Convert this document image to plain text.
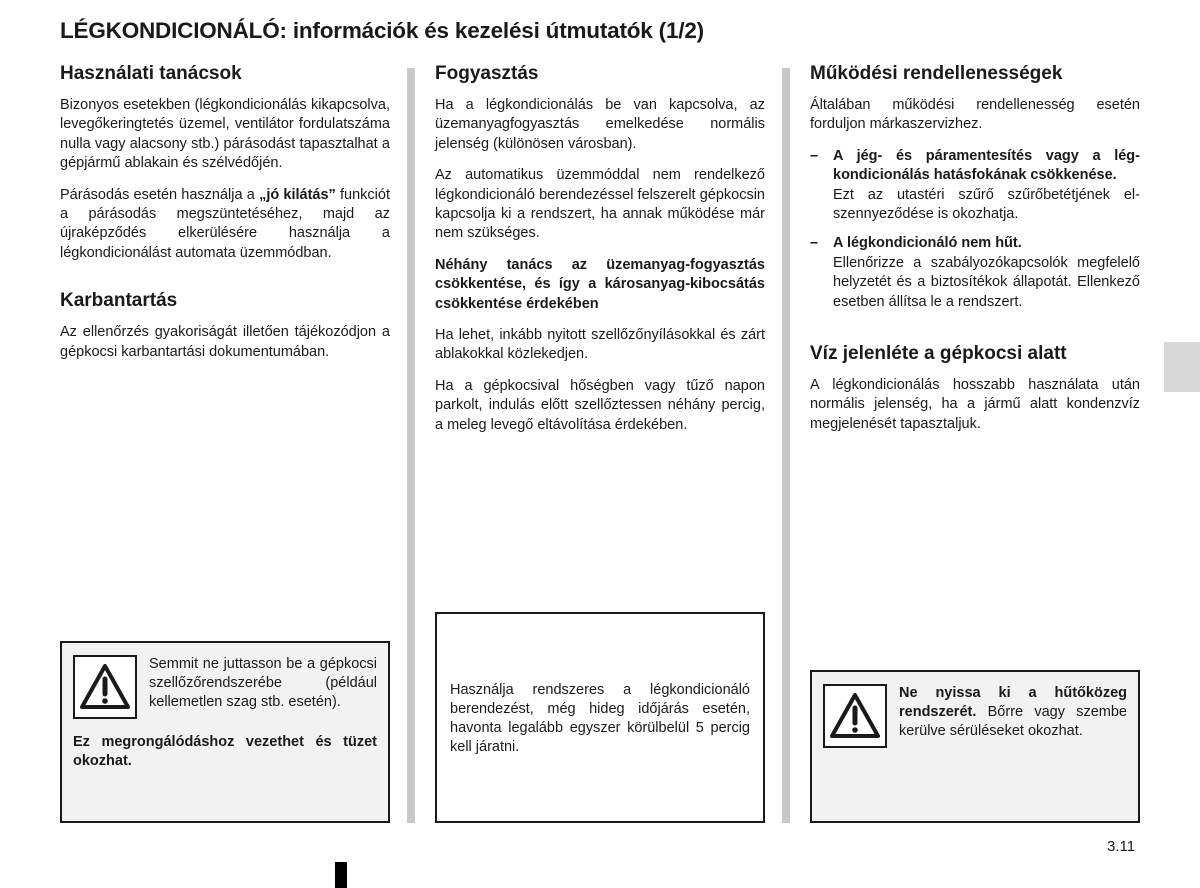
LÉGKONDICIONÁLÓ: információk és kezelési útmutatók (1/2)
Használati tanácsok

Bizonyos esetekben (légkondicionálás kikapcsolva, levegőkeringtetés üzemel, ventilátor fordulatszáma nulla vagy alacsony stb.) párásodást tapasztalhat a gépjármű ablakain és szélvédőjén.

Párásodás esetén használja a „jó kilátás” funkciót a párásodás megszüntetéséhez, majd az újraképződés elkerülésére használja a légkondicionálást automata üzemmódban.

Karbantartás

Az ellenőrzés gyakoriságát illetően tájékozódjon a gépkocsi karbantartási dokumentumában.

Fogyasztás

Ha a légkondicionálás be van kapcsolva, az üzemanyagfogyasztás emelkedése normális jelenség (különösen városban).

Az automatikus üzemmóddal nem rendelkező légkondicionáló berendezéssel felszerelt gépkocsin kapcsolja ki a rendszert, ha annak működése már nem szükséges.

Néhány tanács az üzemanyag-fogyasztás csökkentése, és így a károsanyag-kibocsátás csökkentése érdekében

Ha lehet, inkább nyitott szellőzőnyílásokkal és zárt ablakokkal közlekedjen.

Ha a gépkocsival hőségben vagy tűző napon parkolt, indulás előtt szellőztessen néhány percig, a meleg levegő eltávolítása érdekében.

Működési rendellenességek

Általában működési rendellenesség esetén forduljon márkaszervizhez.

–	A jég- és páramentesítés vagy a légkondicionálás hatásfokának csökkenése.
Ezt az utastéri szűrő szűrőbetétjének elszennyeződése is okozhatja.
–	A légkondicionáló nem hűt.
Ellenőrizze a szabályozókapcsolók megfelelő helyzetét és a biztosítékok állapotát. Ellenkező esetben állítsa le a rendszert.
Víz jelenléte a gépkocsi alatt

A légkondicionálás hosszabb használata után normális jelenség, ha a jármű alatt kondenzvíz megjelenését tapasztaljuk.

Semmit ne juttasson be a gépkocsi szellőzőrendszerébe (például kellemetlen szag stb. esetén).
Ez megrongálódáshoz vezethet és tüzet okozhat.
Használja rendszeres a légkondicionáló berendezést, még hideg időjárás esetén, havonta legalább egyszer körülbelül 5 percig kell járatni.
Ne nyissa ki a hűtőközeg rendszerét. Bőrre vagy szembe kerülve sérüléseket okozhat.
3.11
